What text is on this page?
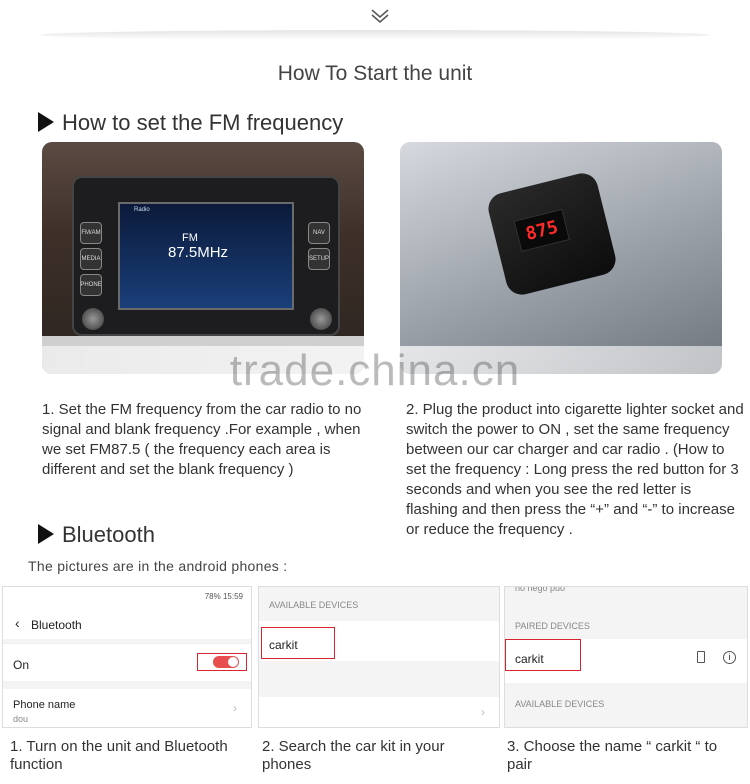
How To Start the unit
How to set the FM frequency
FM/AM
MEDIA
PHONE
NAV
SETUP
Radio
FM
87.5MHz
875
trade.china.cn
1. Set the FM frequency from the car radio to no signal and blank frequency .For example , when we set FM87.5 ( the frequency each area is different and set the blank frequency )
2. Plug the product into cigarette lighter socket and switch the power to ON , set the same frequency between our car charger and car radio . (How to set the frequency : Long press the red button for 3 seconds and when you see the red letter is flashing and then press the “+” and “-” to increase or reduce the frequency .
Bluetooth
The pictures are in the android phones :
78% 15:59
‹ Bluetooth
On
Phone name
dou
›
AVAILABLE DEVICES
carkit
›
no nego puo
PAIRED DEVICES
carkit	i
AVAILABLE DEVICES
1. Turn on the unit and Bluetooth function
2. Search the car kit in your phones
3. Choose the name “ carkit “ to pair
